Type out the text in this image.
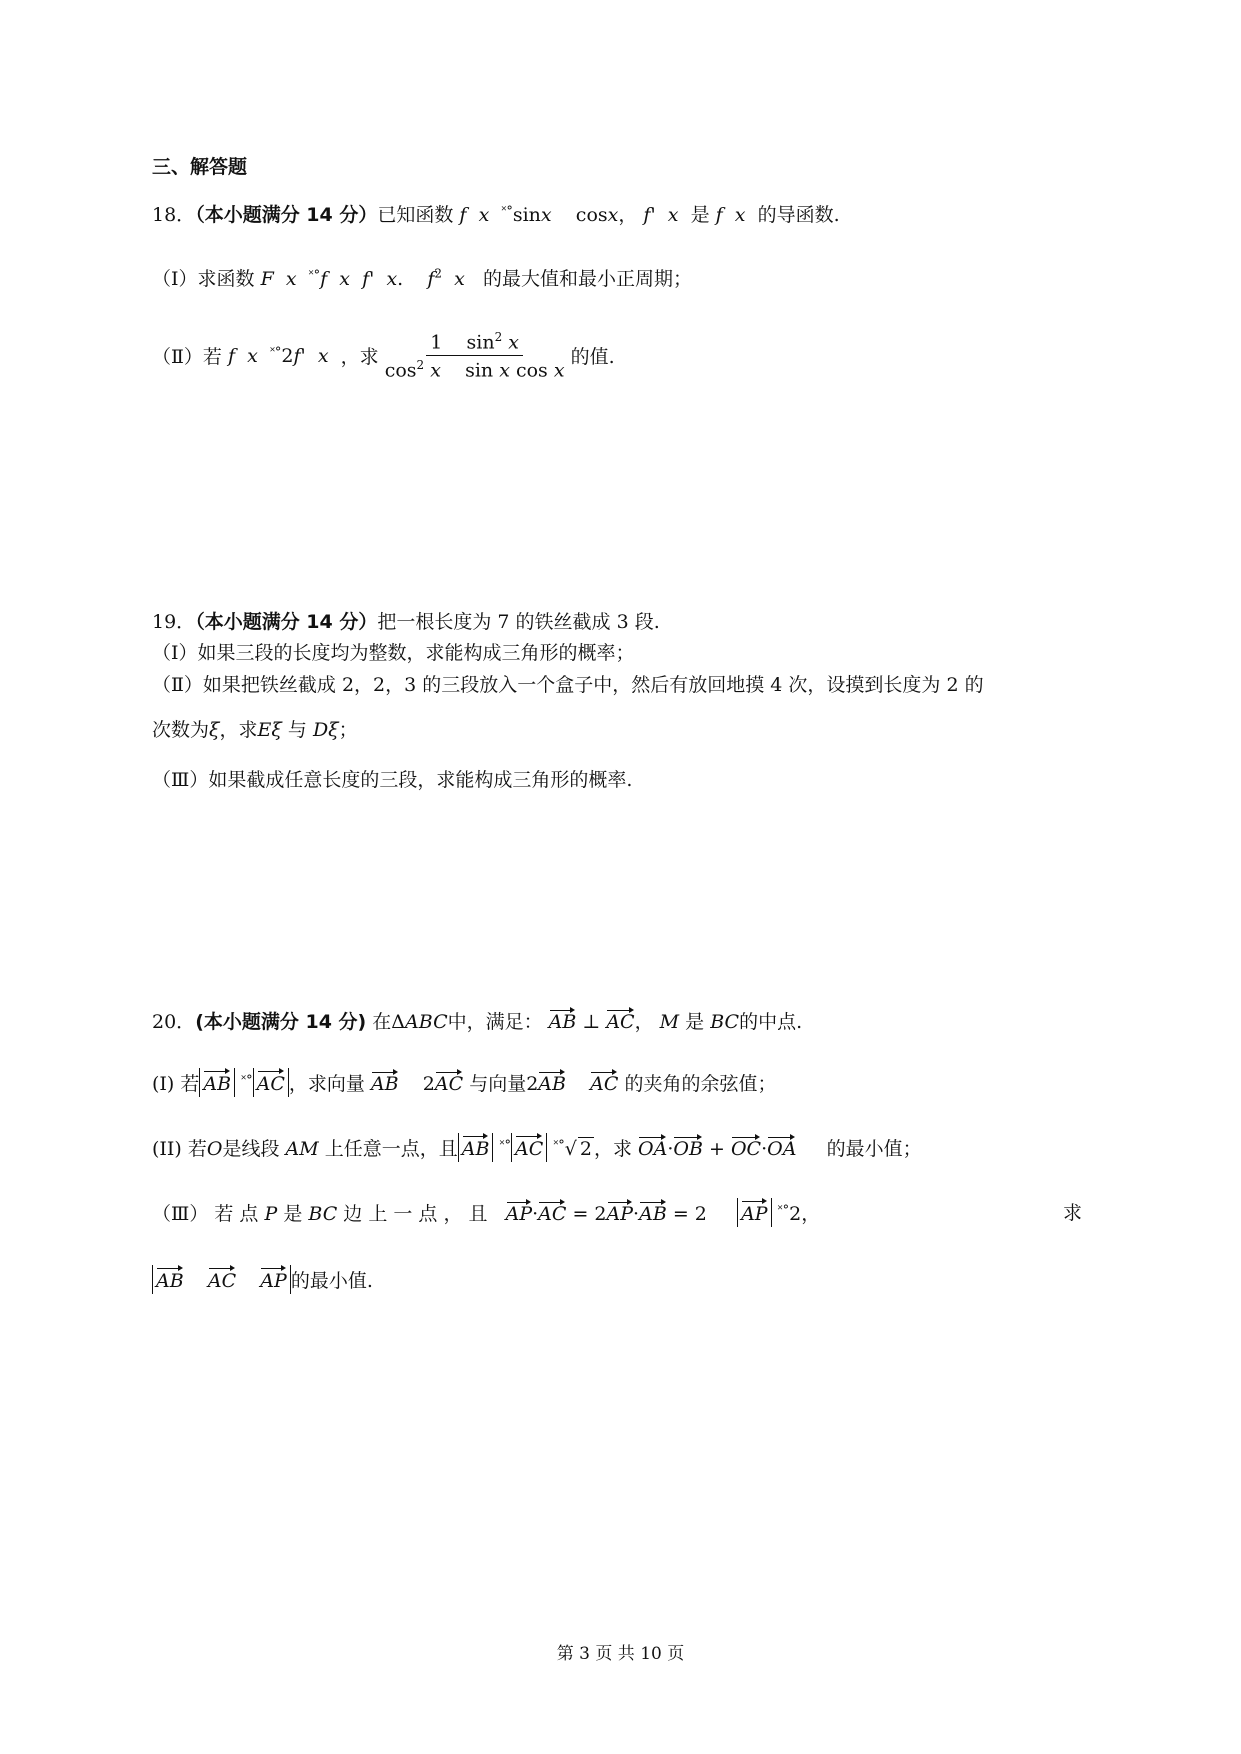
三、解答题
18．（本小题满分 14 分）已知函数 f x ˟°sinx    cosx， f'  x 是 f x 的导函数.
（Ⅰ）求函数 F x ˟°f x f'  x.    $f^2$ x 的最大值和最小正周期；
（Ⅱ） 若
f x ˟°2f'  x ，求 $\frac{1 \sin^2 x}{\cos^2 x \sin x \cos x}$ 的值.
19．（本小题满分 14 分）把一根长度为 7 的铁丝截成 3 段.
（Ⅰ）如果三段的长度均为整数，求能构成三角形的概率；
（Ⅱ）如果把铁丝截成 2，2，3 的三段放入一个盒子中，然后有放回地摸 4 次，设摸到长度为 2 的
次数为ξ，求Eξ 与 Dξ；
（Ⅲ）如果截成任意长度的三段，求能构成三角形的概率.
20．(本小题满分 14 分) 在ΔABC中，满足： AB ⊥ AC， M 是 BC的中点.
(I) 若 AB ˟° AC ，求向量 AB    2AC 与向量2AB AC 的夹角的余弦值；
(II) 若O是线段 AM 上任意一点，且 AB ˟° AC ˟°√ 2 ，求 OA·OB + OC·OA 的最小值；
（Ⅲ） 若 点 P 是 BC 边 上 一 点 ， 且 AP·AC = 2AP·AB = 2     AP ˟°2，	求
AB AC AP 的最小值.
第 3 页 共 10 页
